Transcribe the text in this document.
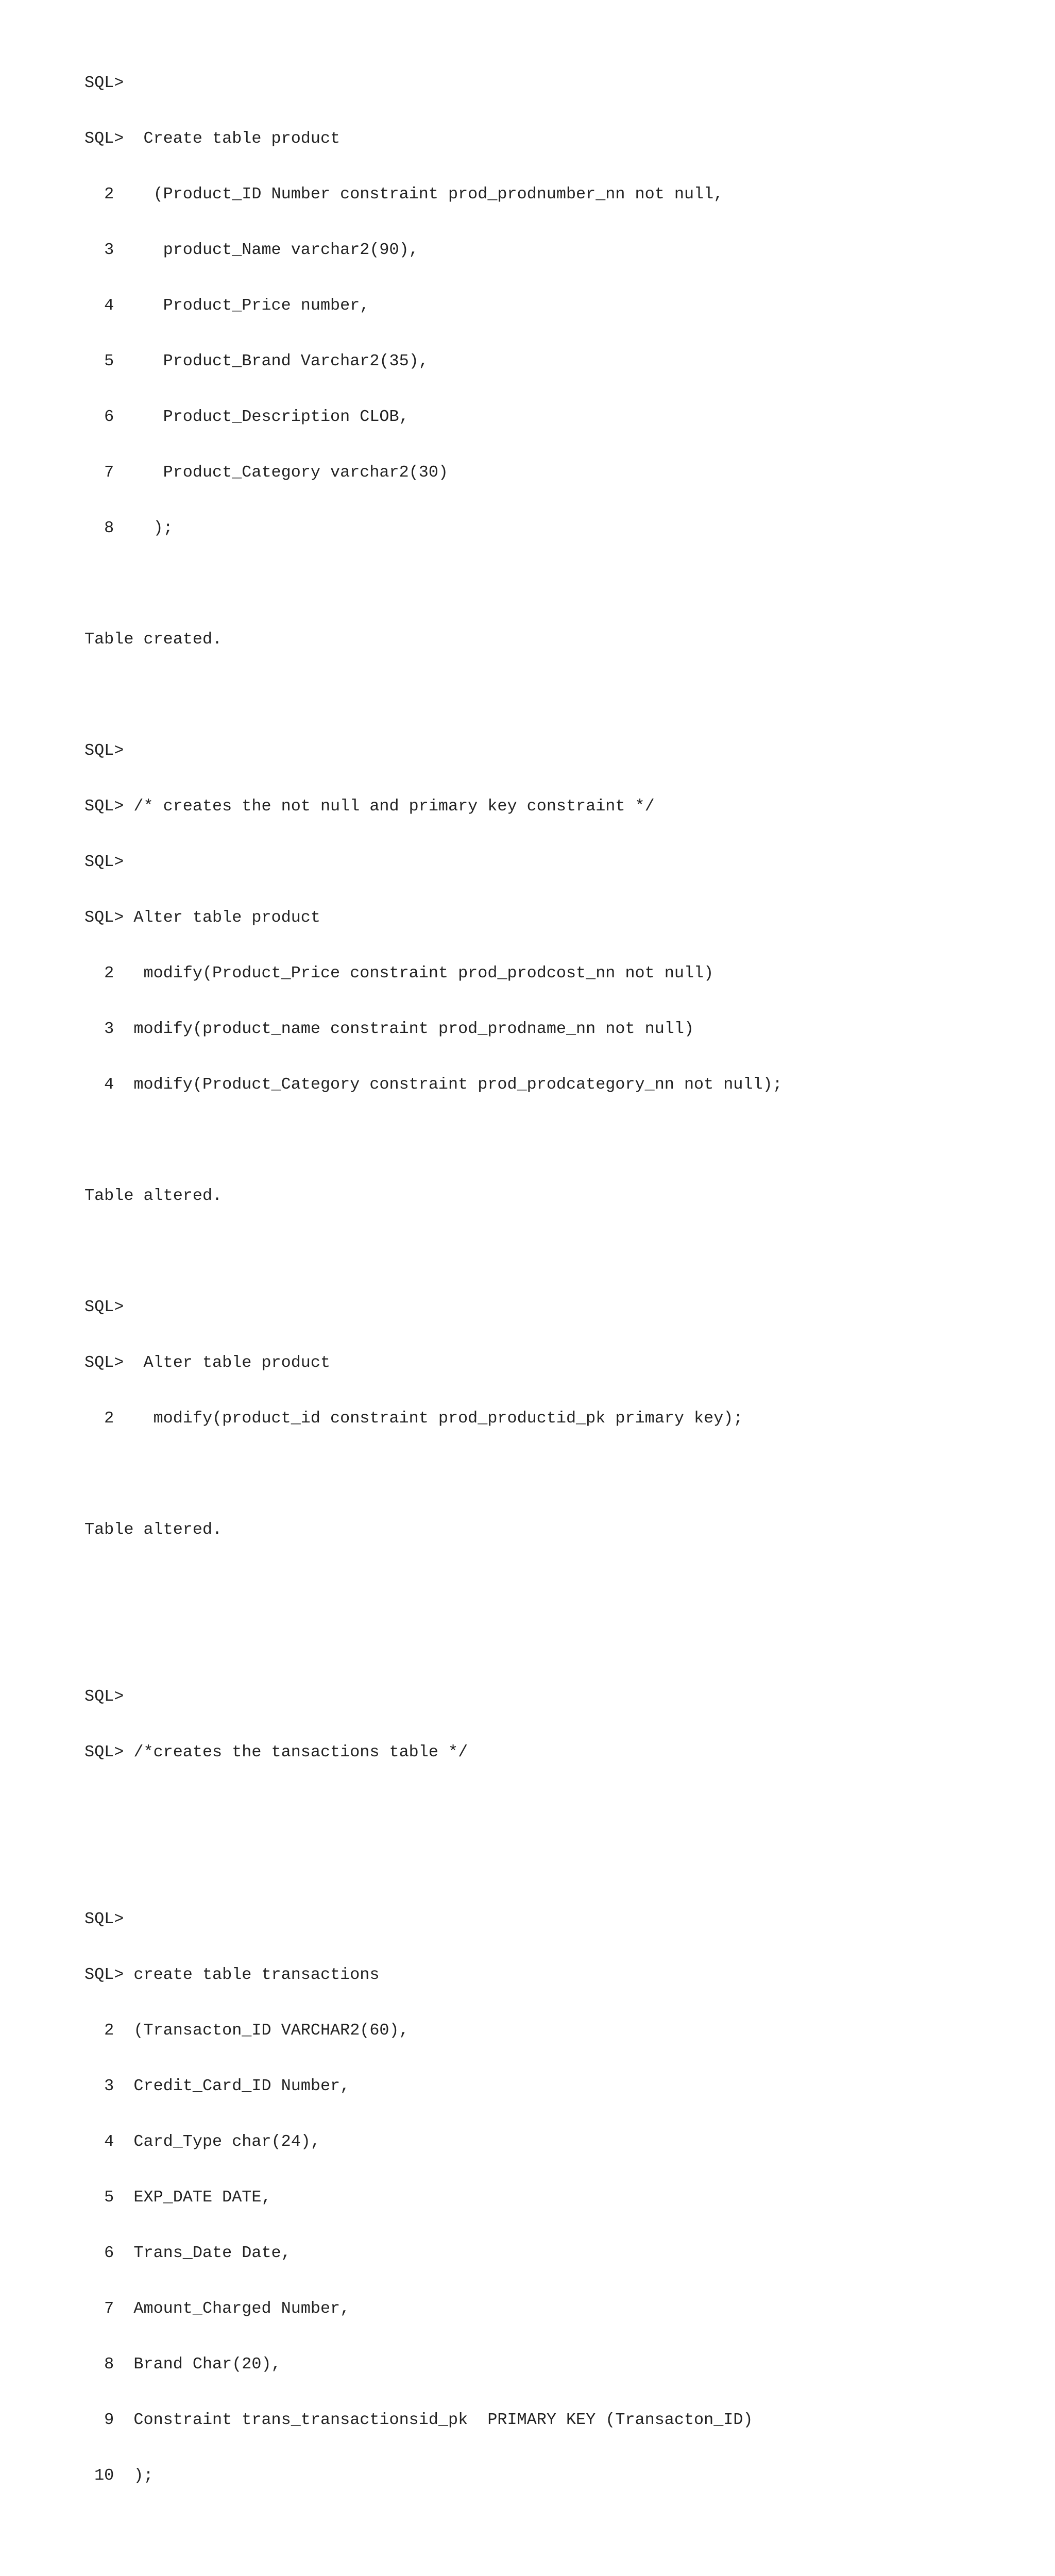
SQL>

SQL>  Create table product

2    (Product_ID Number constraint prod_prodnumber_nn not null,

3     product_Name varchar2(90),

4     Product_Price number,

5     Product_Brand Varchar2(35),

6     Product_Description CLOB,

7     Product_Category varchar2(30)

8    );

Table created.

SQL>

SQL> /* creates the not null and primary key constraint */

SQL>

SQL> Alter table product

2   modify(Product_Price constraint prod_prodcost_nn not null)

3  modify(product_name constraint prod_prodname_nn not null)

4  modify(Product_Category constraint prod_prodcategory_nn not null);

Table altered.

SQL>

SQL>  Alter table product

2    modify(product_id constraint prod_productid_pk primary key);

Table altered.

SQL>

SQL> /*creates the tansactions table */

SQL>

SQL> create table transactions

2  (Transacton_ID VARCHAR2(60),

3  Credit_Card_ID Number,

4  Card_Type char(24),

5  EXP_DATE DATE,

6  Trans_Date Date,

7  Amount_Charged Number,

8  Brand Char(20),

9  Constraint trans_transactionsid_pk  PRIMARY KEY (Transacton_ID)

10  );
